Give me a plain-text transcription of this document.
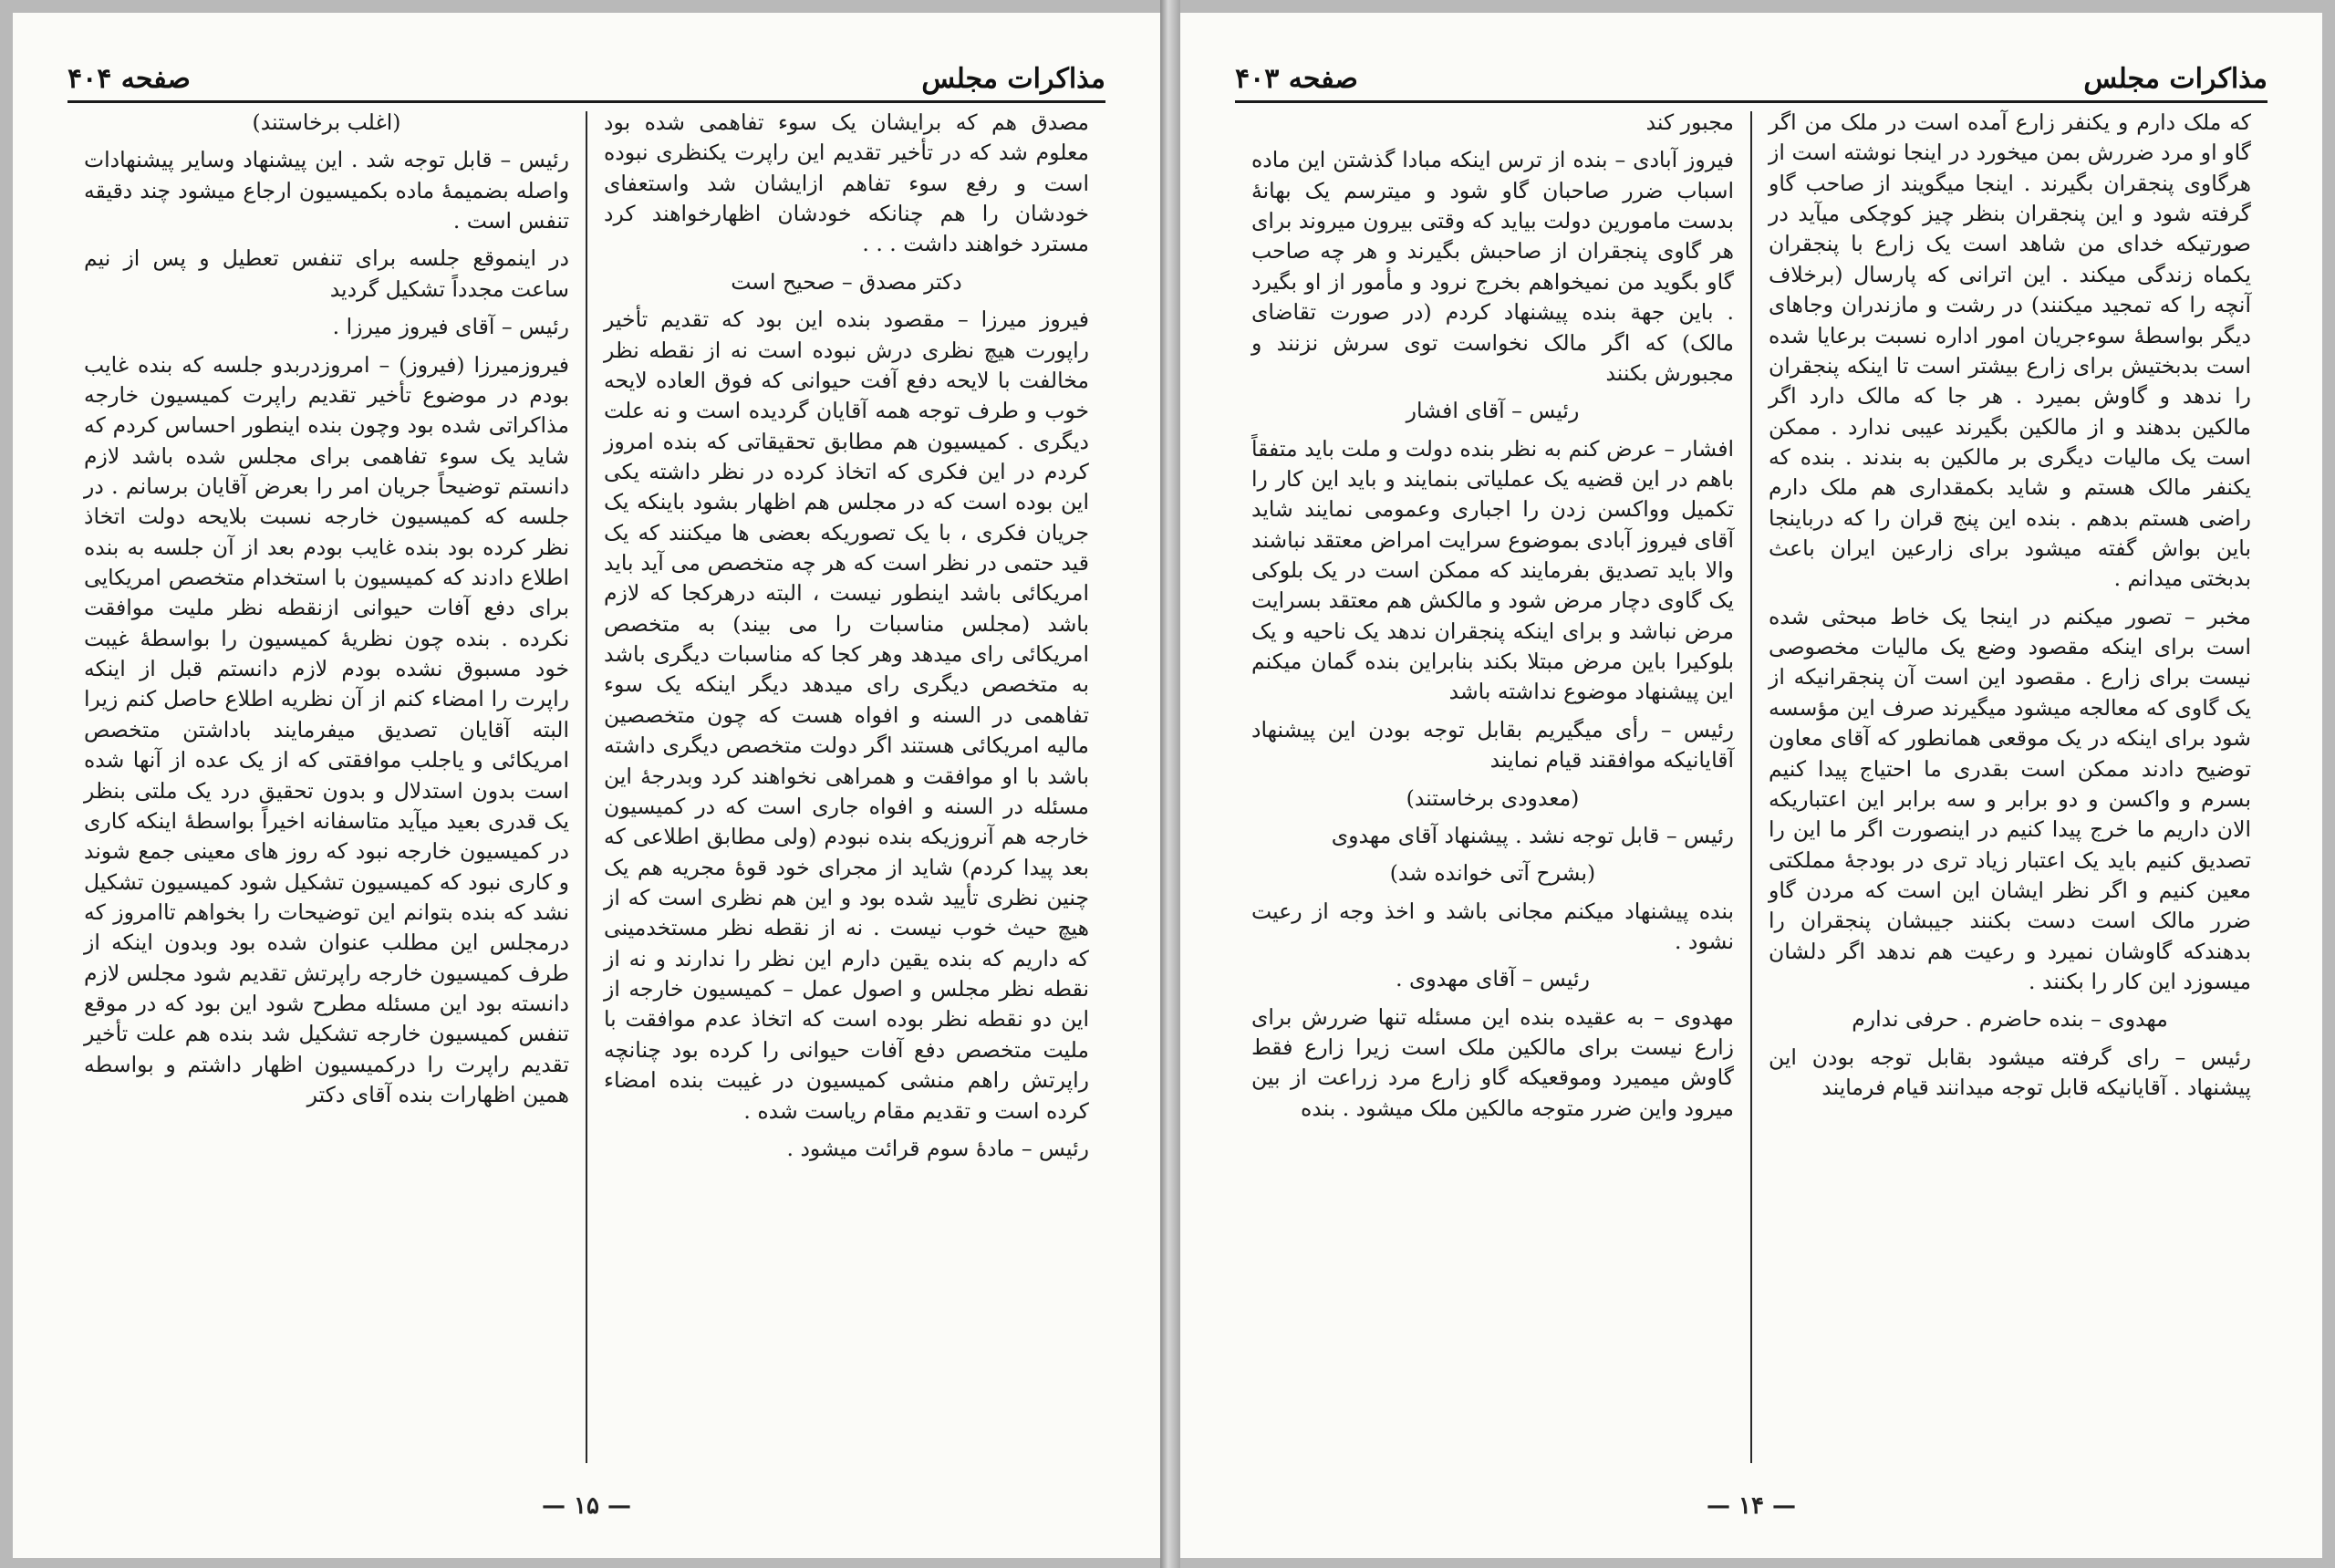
مذاکرات مجلس
صفحه ۴۰۴

(اغلب برخاستند)

رئیس – قابل توجه شد . این پیشنهاد وسایر پیشنهادات واصله بضمیمهٔ ماده بکمیسیون ارجاع میشود چند دقیقه تنفس است .

در اینموقع جلسه برای تنفس تعطیل و پس از نیم ساعت مجدداً تشکیل گردید

رئیس – آقای فیروز میرزا .

فیروزمیرزا (فیروز) – امروزدربدو جلسه که بنده غایب بودم در موضوع تأخیر تقدیم راپرت کمیسیون خارجه مذاکراتی شده بود وچون بنده اینطور احساس کردم که شاید یک سوء تفاهمی برای مجلس شده باشد لازم دانستم توضیحاً جریان امر را بعرض آقایان برسانم . در جلسه که کمیسیون خارجه نسبت بلایحه دولت اتخاذ نظر کرده بود بنده غایب بودم بعد از آن جلسه به بنده اطلاع دادند که کمیسیون با استخدام متخصص امریکایی برای دفع آفات حیوانی ازنقطه نظر ملیت موافقت نکرده . بنده چون نظریهٔ کمیسیون را بواسطهٔ غیبت خود مسبوق نشده بودم لازم دانستم قبل از اینکه راپرت را امضاء کنم از آن نظریه اطلاع حاصل کنم زیرا البته آقایان تصدیق میفرمایند باداشتن متخصص امریکائی و یاجلب موافقتی که از یک عده از آنها شده است بدون استدلال و بدون تحقیق درد یک ملتی بنظر یک قدری بعید میآید متاسفانه اخیراً بواسطهٔ اینکه کاری در کمیسیون خارجه نبود که روز های معینی جمع شوند و کاری نبود که کمیسیون تشکیل شود کمیسیون تشکیل نشد که بنده بتوانم این توضیحات را بخواهم تاامروز که درمجلس این مطلب عنوان شده بود وبدون اینکه از طرف کمیسیون خارجه راپرتش تقدیم شود مجلس لازم دانسته بود این مسئله مطرح شود این بود که در موقع تنفس کمیسیون خارجه تشکیل شد بنده هم علت تأخیر تقدیم راپرت را درکمیسیون اظهار داشتم و بواسطه همین اظهارات بنده آقای دکتر

مصدق هم که برایشان یک سوء تفاهمی شده بود معلوم شد که در تأخیر تقدیم این راپرت یکنظری نبوده است و رفع سوء تفاهم ازایشان شد واستعفای خودشان را هم چنانکه خودشان اظهارخواهند کرد مسترد خواهند داشت . . .

دکتر مصدق – صحیح است

فیروز میرزا – مقصود بنده این بود که تقدیم تأخیر راپورت هیچ نظری درش نبوده است نه از نقطه نظر مخالفت با لایحه دفع آفت حیوانی که فوق العاده لایحه خوب و طرف توجه همه آقایان گردیده است و نه علت دیگری . کمیسیون هم مطابق تحقیقاتی که بنده امروز کردم در این فکری که اتخاذ کرده در نظر داشته یکی این بوده است که در مجلس هم اظهار بشود باینکه یک جریان فکری ، با یک تصوریکه بعضی ها میکنند که یک قید حتمی در نظر است که هر چه متخصص می آید باید امریکائی باشد اینطور نیست ، البته درهرکجا که لازم باشد (مجلس مناسبات را می بیند) به متخصص امریکائی رای میدهد وهر کجا که مناسبات دیگری باشد به متخصص دیگری رای میدهد دیگر اینکه یک سوء تفاهمی در السنه و افواه هست که چون متخصصین مالیه امریکائی هستند اگر دولت متخصص دیگری داشته باشد با او موافقت و همراهی نخواهند کرد وبدرجهٔ این مسئله در السنه و افواه جاری است که در کمیسیون خارجه هم آنروزیکه بنده نبودم (ولی مطابق اطلاعی که بعد پیدا کردم) شاید از مجرای خود قوهٔ مجریه هم یک چنین نظری تأیید شده بود و این هم نظری است که از هیچ حیث خوب نیست . نه از نقطه نظر مستخدمینی که داریم که بنده یقین دارم این نظر را ندارند و نه از نقطه نظر مجلس و اصول عمل – کمیسیون خارجه از این دو نقطه نظر بوده است که اتخاذ عدم موافقت با ملیت متخصص دفع آفات حیوانی را کرده بود چنانچه راپرتش راهم منشی کمیسیون در غیبت بنده امضاء کرده است و تقدیم مقام ریاست شده .

رئیس – مادهٔ سوم قرائت میشود .

— ۱۵ —
مذاکرات مجلس
صفحه ۴۰۳

مجبور کند

فیروز آبادی – بنده از ترس اینکه مبادا گذشتن این ماده اسباب ضرر صاحبان گاو شود و میترسم یک بهانهٔ بدست مامورین دولت بیاید که وقتی بیرون میروند برای هر گاوی پنجقران از صاحبش بگیرند و هر چه صاحب گاو بگوید من نمیخواهم بخرج نرود و مأمور از او بگیرد . باین جهة بنده پیشنهاد کردم (در صورت تقاضای مالک) که اگر مالک نخواست توی سرش نزنند و مجبورش بکنند

رئیس – آقای افشار

افشار – عرض کنم به نظر بنده دولت و ملت باید متفقاً باهم در این قضیه یک عملیاتی بنمایند و باید این کار را تکمیل وواکسن زدن را اجباری وعمومی نمایند شاید آقای فیروز آبادی بموضوع سرایت امراض معتقد نباشند والا باید تصدیق بفرمایند که ممکن است در یک بلوکی یک گاوی دچار مرض شود و مالکش هم معتقد بسرایت مرض نباشد و برای اینکه پنجقران ندهد یک ناحیه و یک بلوکیرا باین مرض مبتلا بکند بنابراین بنده گمان میکنم این پیشنهاد موضوع نداشته باشد

رئیس – رأی میگیریم بقابل توجه بودن این پیشنهاد آقایانیکه موافقند قیام نمایند

(معدودی برخاستند)

رئیس – قابل توجه نشد . پیشنهاد آقای مهدوی

(بشرح آتی خوانده شد)

بنده پیشنهاد میکنم مجانی باشد و اخذ وجه از رعیت نشود .

رئیس – آقای مهدوی .

مهدوی – به عقیده بنده این مسئله تنها ضررش برای زارع نیست برای مالکین ملک است زیرا زارع فقط گاوش میمیرد وموقعیکه گاو زارع مرد زراعت از بین میرود واین ضرر متوجه مالکین ملک میشود . بنده

که ملک دارم و یکنفر زارع آمده است در ملک من اگر گاو او مرد ضررش بمن میخورد در اینجا نوشته است از هرگاوی پنجقران بگیرند . اینجا میگویند از صاحب گاو گرفته شود و این پنجقران بنظر چیز کوچکی میآید در صورتیکه خدای من شاهد است یک زارع با پنجقران یکماه زندگی میکند . این اترانی که پارسال (برخلاف آنچه را که تمجید میکنند) در رشت و مازندران وجاهای دیگر بواسطهٔ سوءجریان امور اداره نسبت برعایا شده است بدبختیش برای زارع بیشتر است تا اینکه پنجقران را ندهد و گاوش بمیرد . هر جا که مالک دارد اگر مالکین بدهند و از مالکین بگیرند عیبی ندارد . ممکن است یک مالیات دیگری بر مالکین به بندند . بنده که یکنفر مالک هستم و شاید بکمقداری هم ملک دارم راضی هستم بدهم . بنده این پنج قران را که درباینجا باین بواش گفته میشود برای زارعین ایران باعث بدبختی میدانم .

مخبر – تصور میکنم در اینجا یک خاط مبحثی شده است برای اینکه مقصود وضع یک مالیات مخصوصی نیست برای زارع . مقصود این است آن پنجقرانیکه از یک گاوی که معالجه میشود میگیرند صرف این مؤسسه شود برای اینکه در یک موقعی همانطور که آقای معاون توضیح دادند ممکن است بقدری ما احتیاج پیدا کنیم بسرم و واکسن و دو برابر و سه برابر این اعتباریکه الان داریم ما خرج پیدا کنیم در اینصورت اگر ما این را تصدیق کنیم باید یک اعتبار زیاد تری در بودجهٔ مملکتی معین کنیم و اگر نظر ایشان این است که مردن گاو ضرر مالک است دست بکنند جیبشان پنجقران را بدهندکه گاوشان نمیرد و رعیت هم ندهد اگر دلشان میسوزد این کار را بکنند .

مهدوی – بنده حاضرم . حرفی ندارم

رئیس – رای گرفته میشود بقابل توجه بودن این پیشنهاد . آقایانیکه قابل توجه میدانند قیام فرمایند

— ۱۴ —
